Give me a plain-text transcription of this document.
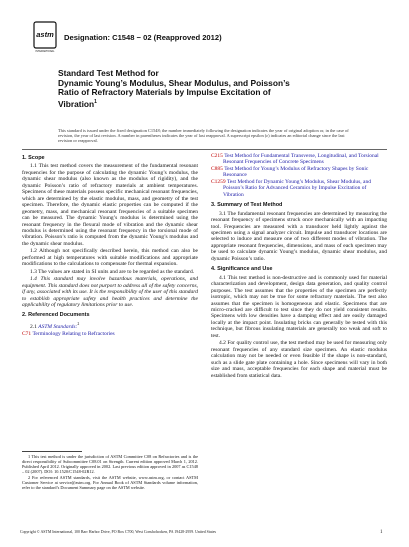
astm
INTERNATIONAL
Designation: C1548 − 02 (Reapproved 2012)
Standard Test Method for
Dynamic Young’s Modulus, Shear Modulus, and Poisson’s
Ratio of Refractory Materials by Impulse Excitation of
Vibration$^1$
This standard is issued under the fixed designation C1548; the number immediately following the designation indicates the year of original adoption or, in the case of revision, the year of last revision. A number in parentheses indicates the year of last reapproval. A superscript epsilon (ε) indicates an editorial change since the last revision or reapproval.
1. Scope

1.1 This test method covers the measurement of the fundamental resonant frequencies for the purpose of calculating the dynamic Young’s modulus, the dynamic shear modulus (also known as the modulus of rigidity), and the dynamic Poisson’s ratio of refractory materials at ambient temperatures. Specimens of these materials possess specific mechanical resonant frequencies, which are determined by the elastic modulus, mass, and geometry of the test specimen. Therefore, the dynamic elastic properties can be computed if the geometry, mass, and mechanical resonant frequencies of a suitable specimen can be measured. The dynamic Young’s modulus is determined using the resonant frequency in the flexural mode of vibration and the dynamic shear modulus is determined using the resonant frequency in the torsional mode of vibration. Poisson’s ratio is computed from the dynamic Young’s modulus and the dynamic shear modulus.

1.2 Although not specifically described herein, this method can also be performed at high temperatures with suitable modifications and appropriate modifications to the calculations to compensate for thermal expansion.

1.3 The values are stated in SI units and are to be regarded as the standard.

1.4 This standard may involve hazardous materials, operations, and equipment. This standard does not purport to address all of the safety concerns, if any, associated with its use. It is the responsibility of the user of this standard to establish appropriate safety and health practices and determine the applicability of regulatory limitations prior to use.

2. Referenced Documents

2.1 ASTM Standards:$^2$

C71 Terminology Relating to Refractories

1 This test method is under the jurisdiction of ASTM Committee C08 on Refractories and is the direct responsibility of Subcommittee C08.01 on Strength. Current edition approved March 1, 2012. Published April 2012. Originally approved in 2002. Last previous edition approved in 2007 as C1548 – 02 (2007). DOI: 10.1520/C1548-02R12.

2 For referenced ASTM standards, visit the ASTM website, www.astm.org, or contact ASTM Customer Service at service@astm.org. For Annual Book of ASTM Standards volume information, refer to the standard’s Document Summary page on the ASTM website.

C215 Test Method for Fundamental Transverse, Longitudinal, and Torsional Resonant Frequencies of Concrete Specimens

C885 Test Method for Young’s Modulus of Refractory Shapes by Sonic Resonance

C1259 Test Method for Dynamic Young’s Modulus, Shear Modulus, and Poisson’s Ratio for Advanced Ceramics by Impulse Excitation of Vibration

3. Summary of Test Method

3.1 The fundamental resonant frequencies are determined by measuring the resonant frequency of specimens struck once mechanically with an impacting tool. Frequencies are measured with a transducer held lightly against the specimen using a signal analyzer circuit. Impulse and transducer locations are selected to induce and measure one of two different modes of vibration. The appropriate resonant frequencies, dimensions, and mass of each specimen may be used to calculate dynamic Young’s modulus, dynamic shear modulus, and dynamic Poisson’s ratio.

4. Significance and Use

4.1 This test method is non-destructive and is commonly used for material characterization and development, design data generation, and quality control purposes. The test assumes that the properties of the specimen are perfectly isotropic, which may not be true for some refractory materials. The test also assumes that the specimen is homogeneous and elastic. Specimens that are micro-cracked are difficult to test since they do not yield consistent results. Specimens with low densities have a damping effect and are easily damaged locally at the impact point. Insulating bricks can generally be tested with this technique, but fibrous insulating materials are generally too weak and soft to test.

4.2 For quality control use, the test method may be used for measuring only resonant frequencies of any standard size specimen. An elastic modulus calculation may not be needed or even feasible if the shape is non-standard, such as a slide gate plate containing a hole. Since specimens will vary in both size and mass, acceptable frequencies for each shape and material must be established from statistical data.

Copyright © ASTM International, 100 Barr Harbor Drive, PO Box C700, West Conshohocken, PA 19428-2959. United States	1
